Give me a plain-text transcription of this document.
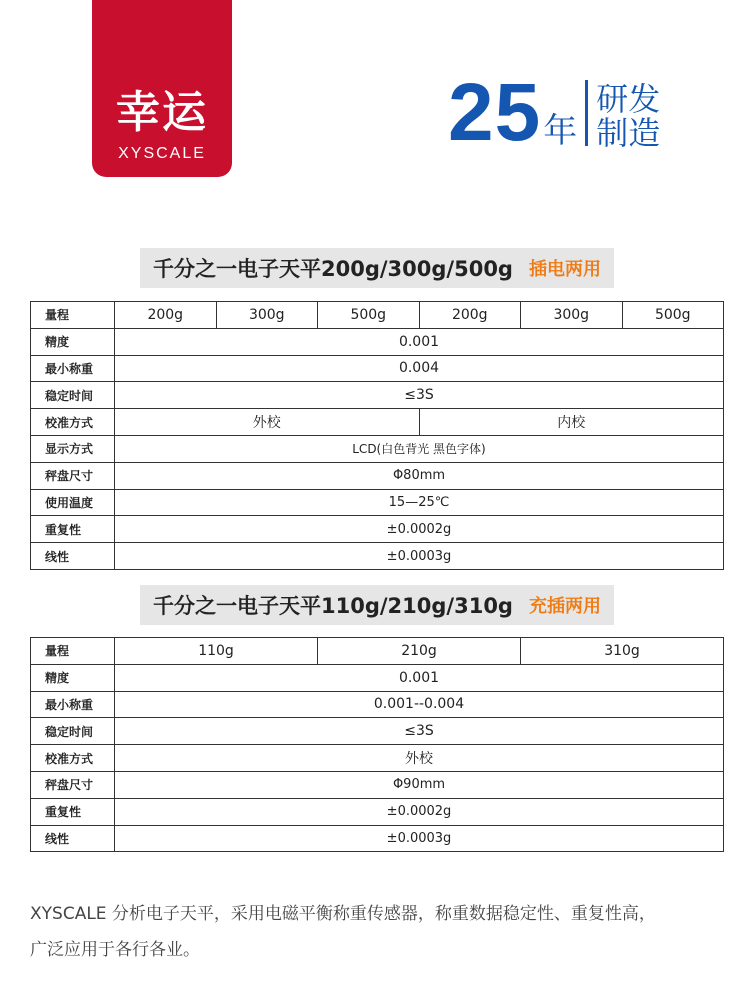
幸运
XYSCALE	25 年
研发
制造
千分之一电子天平200g/300g/500g 插电两用
量程	200g	300g	500g	200g	300g	500g
精度	0.001					
最小称重	0.004					
稳定时间	≤3S					
校准方式	外校			内校		
显示方式	LCD(白色背光 黑色字体)					
秤盘尺寸	Φ80mm					
使用温度	15—25℃					
重复性	±0.0002g					
线性	±0.0003g					
千分之一电子天平110g/210g/310g 充插两用
量程	110g	210g	310g
精度	0.001		
最小称重	0.001--0.004		
稳定时间	≤3S		
校准方式	外校		
秤盘尺寸	Φ90mm		
重复性	±0.0002g		
线性	±0.0003g		
XYSCALE 分析电子天平，采用电磁平衡称重传感器，称重数据稳定性、重复性高，
广泛应用于各行各业。
